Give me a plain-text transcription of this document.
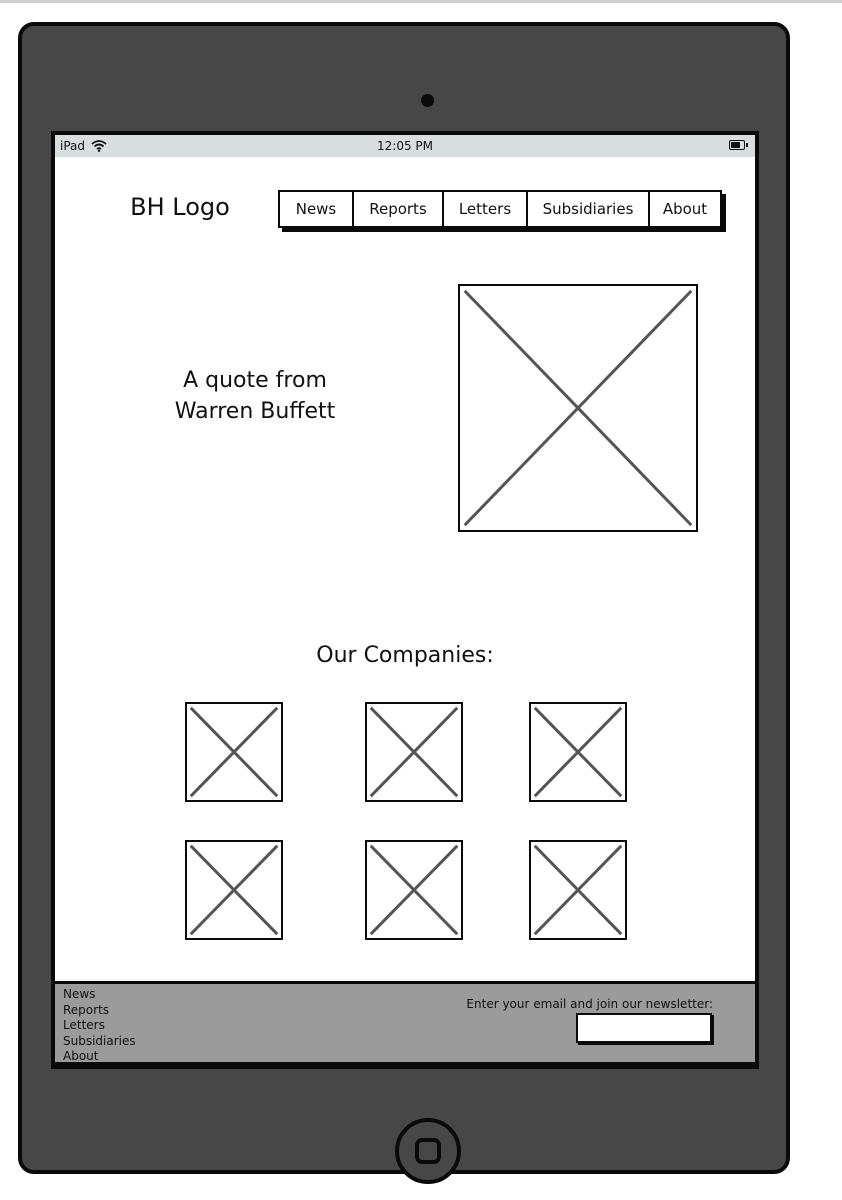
iPad	12:05 PM
BH Logo	News	Reports	Letters	Subsidiaries	About
A quote from
Warren Buffett
Our Companies:
News
Reports
Letters
Subsidiaries
About
Enter your email and join our newsletter:
